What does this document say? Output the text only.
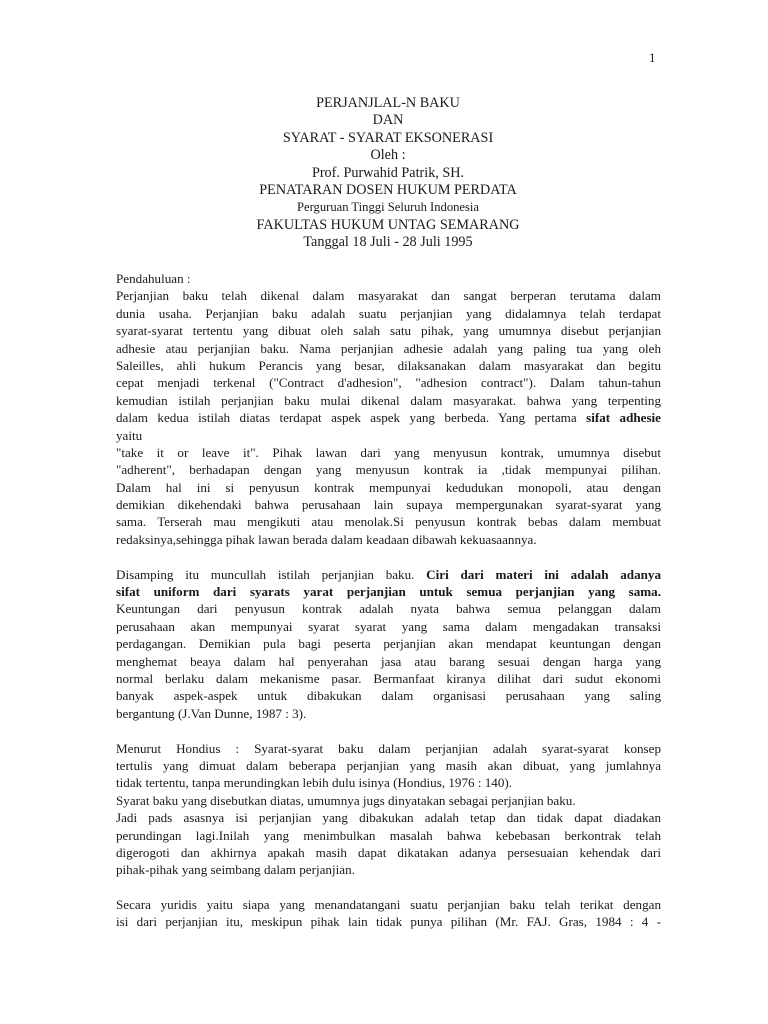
1
PERJANJLAL-N BAKU
DAN
SYARAT - SYARAT EKSONERASI
Oleh :
Prof. Purwahid Patrik, SH.
PENATARAN DOSEN HUKUM PERDATA
Perguruan Tinggi Seluruh Indonesia
FAKULTAS HUKUM UNTAG SEMARANG
Tanggal 18 Juli - 28 Juli 1995
Pendahuluan :
Perjanjian baku telah dikenal dalam masyarakat dan sangat berperan terutama dalam
dunia usaha. Perjanjian baku adalah suatu perjanjian yang didalamnya telah terdapat
syarat-syarat tertentu yang dibuat oleh salah satu pihak, yang umumnya disebut perjanjian
adhesie atau perjanjian baku. Nama perjanjian adhesie adalah yang paling tua yang oleh
Saleilles, ahli hukum Perancis yang besar, dilaksanakan dalam masyarakat dan begitu
cepat menjadi terkenal ("Contract d'adhesion", "adhesion contract"). Dalam tahun-tahun
kemudian istilah perjanjian baku mulai dikenal dalam masyarakat. bahwa yang terpenting
dalam kedua istilah diatas terdapat aspek aspek yang berbeda. Yang pertama sifat adhesie
yaitu
"take it or leave it". Pihak lawan dari yang menyusun kontrak, umumnya disebut
"adherent", berhadapan dengan yang menyusun kontrak ia ,tidak mempunyai pilihan.
Dalam hal ini si penyusun kontrak mempunyai kedudukan monopoli, atau dengan
demikian dikehendaki bahwa perusahaan lain supaya mempergunakan syarat-syarat yang
sama. Terserah mau mengikuti atau menolak.Si penyusun kontrak bebas dalam membuat
redaksinya,sehingga pihak lawan berada dalam keadaan dibawah kekuasaannya.
Disamping itu muncullah istilah perjanjian baku. Ciri dari materi ini adalah adanya
sifat uniform dari syarats yarat perjanjian untuk semua perjanjian yang sama.
Keuntungan dari penyusun kontrak adalah nyata bahwa semua pelanggan dalam
perusahaan akan mempunyai syarat syarat yang sama dalam mengadakan transaksi
perdagangan. Demikian pula bagi peserta perjanjian akan mendapat keuntungan dengan
menghemat beaya dalam hal penyerahan jasa atau barang sesuai dengan harga yang
normal berlaku dalam mekanisme pasar. Bermanfaat kiranya dilihat dari sudut ekonomi
banyak aspek-aspek untuk dibakukan dalam organisasi perusahaan yang saling
bergantung (J.Van Dunne, 1987 : 3).
Menurut Hondius : Syarat-syarat baku dalam perjanjian adalah syarat-syarat konsep
tertulis yang dimuat dalam beberapa perjanjian yang masih akan dibuat, yang jumlahnya
tidak tertentu, tanpa merundingkan lebih dulu isinya (Hondius, 1976 : 140).
Syarat baku yang disebutkan diatas, umumnya jugs dinyatakan sebagai perjanjian baku.
Jadi pads asasnya isi perjanjian yang dibakukan adalah tetap dan tidak dapat diadakan
perundingan lagi.Inilah yang menimbulkan masalah bahwa kebebasan berkontrak telah
digerogoti dan akhirnya apakah masih dapat dikatakan adanya persesuaian kehendak dari
pihak-pihak yang seimbang dalam perjanjian.
Secara yuridis yaitu siapa yang menandatangani suatu perjanjian baku telah terikat dengan
isi dari perjanjian itu, meskipun pihak lain tidak punya pilihan (Mr. FAJ. Gras, 1984 : 4 -
